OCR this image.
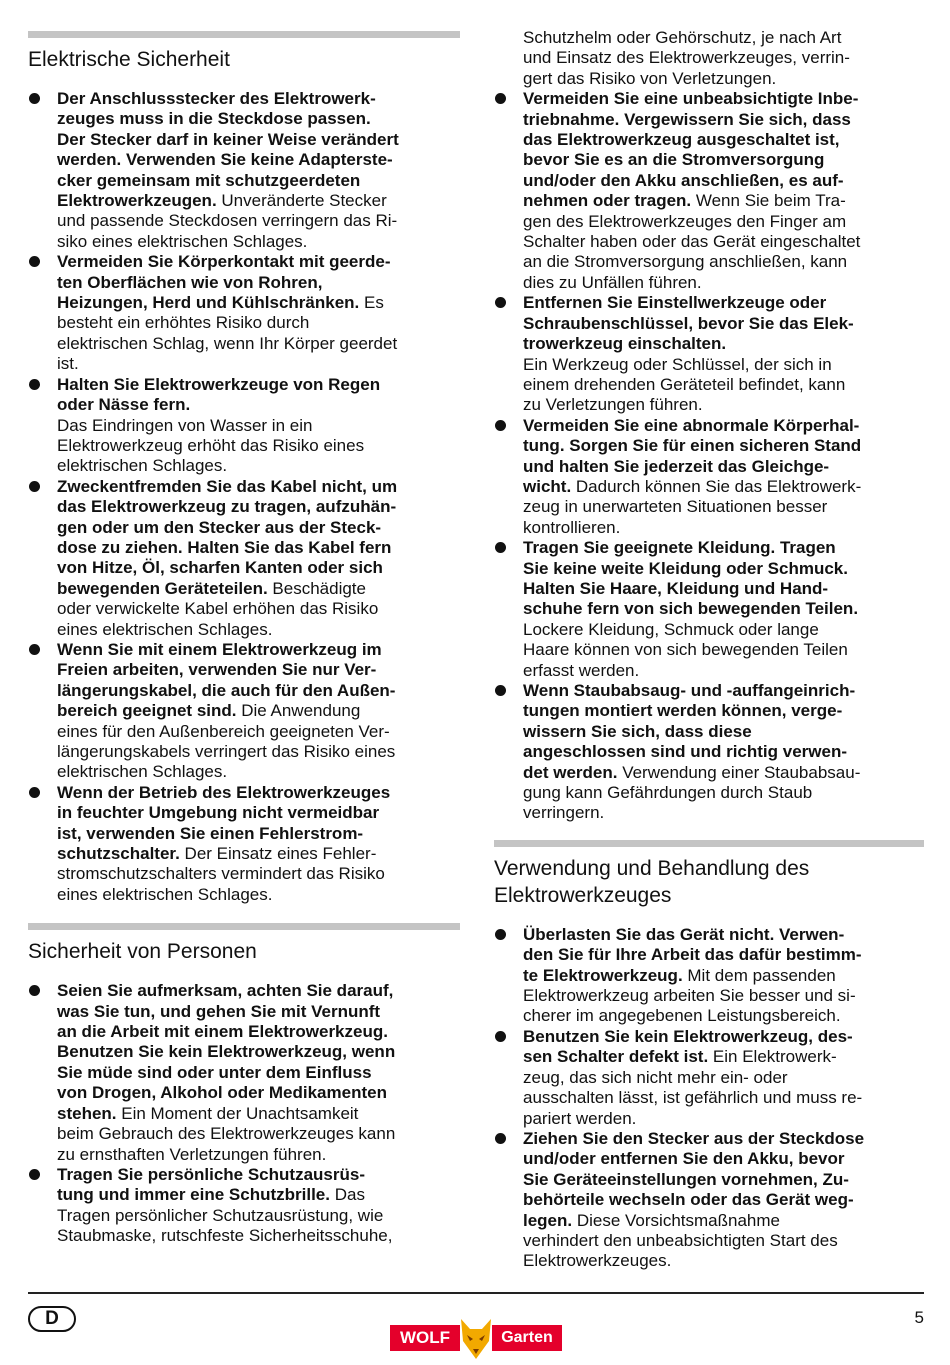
Elektrische Sicherheit
Der Anschlussstecker des Elektrowerk-
zeuges muss in die Steckdose passen.
Der Stecker darf in keiner Weise verändert
werden. Verwenden Sie keine Adapterste-
cker gemeinsam mit schutzgeerdeten
Elektrowerkzeugen. Unveränderte Stecker
und passende Steckdosen verringern das Ri-
siko eines elektrischen Schlages.
Vermeiden Sie Körperkontakt mit geerde-
ten Oberflächen wie von Rohren,
Heizungen, Herd und Kühlschränken. Es
besteht ein erhöhtes Risiko durch
elektrischen Schlag, wenn Ihr Körper geerdet
ist.
Halten Sie Elektrowerkzeuge von Regen
oder Nässe fern.
Das Eindringen von Wasser in ein
Elektrowerkzeug erhöht das Risiko eines
elektrischen Schlages.
Zweckentfremden Sie das Kabel nicht, um
das Elektrowerkzeug zu tragen, aufzuhän-
gen oder um den Stecker aus der Steck-
dose zu ziehen. Halten Sie das Kabel fern
von Hitze, Öl, scharfen Kanten oder sich
bewegenden Geräteteilen. Beschädigte
oder verwickelte Kabel erhöhen das Risiko
eines elektrischen Schlages.
Wenn Sie mit einem Elektrowerkzeug im
Freien arbeiten, verwenden Sie nur Ver-
längerungskabel, die auch für den Außen-
bereich geeignet sind. Die Anwendung
eines für den Außenbereich geeigneten Ver-
längerungskabels verringert das Risiko eines
elektrischen Schlages.
Wenn der Betrieb des Elektrowerkzeuges
in feuchter Umgebung nicht vermeidbar
ist, verwenden Sie einen Fehlerstrom-
schutzschalter. Der Einsatz eines Fehler-
stromschutzschalters vermindert das Risiko
eines elektrischen Schlages.
Sicherheit von Personen
Seien Sie aufmerksam, achten Sie darauf,
was Sie tun, und gehen Sie mit Vernunft
an die Arbeit mit einem Elektrowerkzeug.
Benutzen Sie kein Elektrowerkzeug, wenn
Sie müde sind oder unter dem Einfluss
von Drogen, Alkohol oder Medikamenten
stehen. Ein Moment der Unachtsamkeit
beim Gebrauch des Elektrowerkzeuges kann
zu ernsthaften Verletzungen führen.
Tragen Sie persönliche Schutzausrüs-
tung und immer eine Schutzbrille. Das
Tragen persönlicher Schutzausrüstung, wie
Staubmaske, rutschfeste Sicherheitsschuhe,
Schutzhelm oder Gehörschutz, je nach Art
und Einsatz des Elektrowerkzeuges, verrin-
gert das Risiko von Verletzungen.
Vermeiden Sie eine unbeabsichtigte Inbe-
triebnahme. Vergewissern Sie sich, dass
das Elektrowerkzeug ausgeschaltet ist,
bevor Sie es an die Stromversorgung
und/oder den Akku anschließen, es auf-
nehmen oder tragen. Wenn Sie beim Tra-
gen des Elektrowerkzeuges den Finger am
Schalter haben oder das Gerät eingeschaltet
an die Stromversorgung anschließen, kann
dies zu Unfällen führen.
Entfernen Sie Einstellwerkzeuge oder
Schraubenschlüssel, bevor Sie das Elek-
trowerkzeug einschalten.
Ein Werkzeug oder Schlüssel, der sich in
einem drehenden Geräteteil befindet, kann
zu Verletzungen führen.
Vermeiden Sie eine abnormale Körperhal-
tung. Sorgen Sie für einen sicheren Stand
und halten Sie jederzeit das Gleichge-
wicht. Dadurch können Sie das Elektrowerk-
zeug in unerwarteten Situationen besser
kontrollieren.
Tragen Sie geeignete Kleidung. Tragen
Sie keine weite Kleidung oder Schmuck.
Halten Sie Haare, Kleidung und Hand-
schuhe fern von sich bewegenden Teilen.
Lockere Kleidung, Schmuck oder lange
Haare können von sich bewegenden Teilen
erfasst werden.
Wenn Staubabsaug- und -auffangeinrich-
tungen montiert werden können, verge-
wissern Sie sich, dass diese
angeschlossen sind und richtig verwen-
det werden. Verwendung einer Staubabsau-
gung kann Gefährdungen durch Staub
verringern.
Verwendung und Behandlung des
Elektrowerkzeuges
Überlasten Sie das Gerät nicht. Verwen-
den Sie für Ihre Arbeit das dafür bestimm-
te Elektrowerkzeug. Mit dem passenden
Elektrowerkzeug arbeiten Sie besser und si-
cherer im angegebenen Leistungsbereich.
Benutzen Sie kein Elektrowerkzeug, des-
sen Schalter defekt ist. Ein Elektrowerk-
zeug, das sich nicht mehr ein- oder
ausschalten lässt, ist gefährlich und muss re-
pariert werden.
Ziehen Sie den Stecker aus der Steckdose
und/oder entfernen Sie den Akku, bevor
Sie Geräteeinstellungen vornehmen, Zu-
behörteile wechseln oder das Gerät weg-
legen. Diese Vorsichtsmaßnahme
verhindert den unbeabsichtigten Start des
Elektrowerkzeuges.
D
WOLF	Garten
5
